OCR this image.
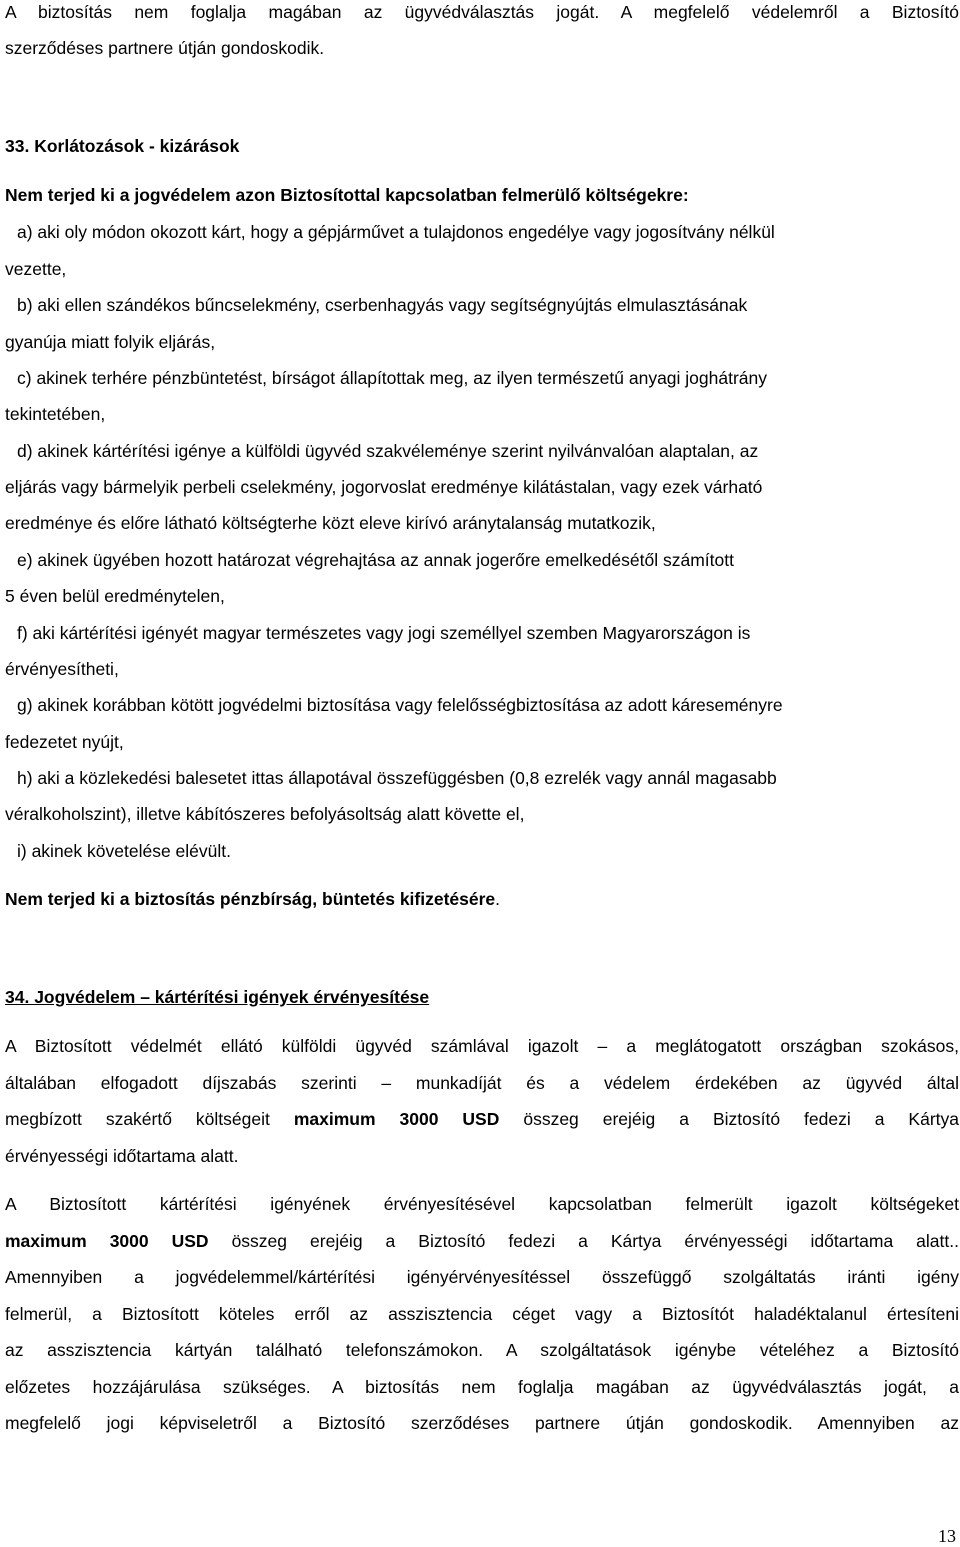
A biztosítás nem foglalja magában az ügyvédválasztás jogát. A megfelelő védelemről a Biztosító
szerződéses partnere útján gondoskodik.
33. Korlátozások - kizárások
Nem terjed ki a jogvédelem azon Biztosítottal kapcsolatban felmerülő költségekre:
a) aki oly módon okozott kárt, hogy a gépjárművet a tulajdonos engedélye vagy jogosítvány nélkül
vezette,
b) aki ellen szándékos bűncselekmény, cserbenhagyás vagy segítségnyújtás elmulasztásának
gyanúja miatt folyik eljárás,
c) akinek terhére pénzbüntetést, bírságot állapítottak meg, az ilyen természetű anyagi joghátrány
tekintetében,
d) akinek kártérítési igénye a külföldi ügyvéd szakvéleménye szerint nyilvánvalóan alaptalan, az
eljárás vagy bármelyik perbeli cselekmény, jogorvoslat eredménye kilátástalan, vagy ezek várható
eredménye és előre látható költségterhe közt eleve kirívó aránytalanság mutatkozik,
e) akinek ügyében hozott határozat végrehajtása az annak jogerőre emelkedésétől számított
5 éven belül eredménytelen,
f) aki kártérítési igényét magyar természetes vagy jogi személlyel szemben Magyarországon is
érvényesítheti,
g) akinek korábban kötött jogvédelmi biztosítása vagy felelősségbiztosítása az adott káreseményre
fedezetet nyújt,
h) aki a közlekedési balesetet ittas állapotával összefüggésben (0,8 ezrelék vagy annál magasabb
véralkoholszint), illetve kábítószeres befolyásoltság alatt követte el,
i) akinek követelése elévült.
Nem terjed ki a biztosítás pénzbírság, büntetés kifizetésére.
34. Jogvédelem – kártérítési igények érvényesítése
A Biztosított védelmét ellátó külföldi ügyvéd számlával igazolt – a meglátogatott országban szokásos,
általában elfogadott díjszabás szerinti – munkadíját és a védelem érdekében az ügyvéd által
megbízott szakértő költségeit maximum 3000 USD összeg erejéig a Biztosító fedezi a Kártya
érvényességi időtartama alatt.
A Biztosított kártérítési igényének érvényesítésével kapcsolatban felmerült igazolt költségeket
maximum 3000 USD összeg erejéig a Biztosító fedezi a Kártya érvényességi időtartama alatt..
Amennyiben a jogvédelemmel/kártérítési igényérvényesítéssel összefüggő szolgáltatás iránti igény
felmerül, a Biztosított köteles erről az asszisztencia céget vagy a Biztosítót haladéktalanul értesíteni
az asszisztencia kártyán található telefonszámokon. A szolgáltatások igénybe vételéhez a Biztosító
előzetes hozzájárulása szükséges. A biztosítás nem foglalja magában az ügyvédválasztás jogát, a
megfelelő jogi képviseletről a Biztosító szerződéses partnere útján gondoskodik. Amennyiben az
13
